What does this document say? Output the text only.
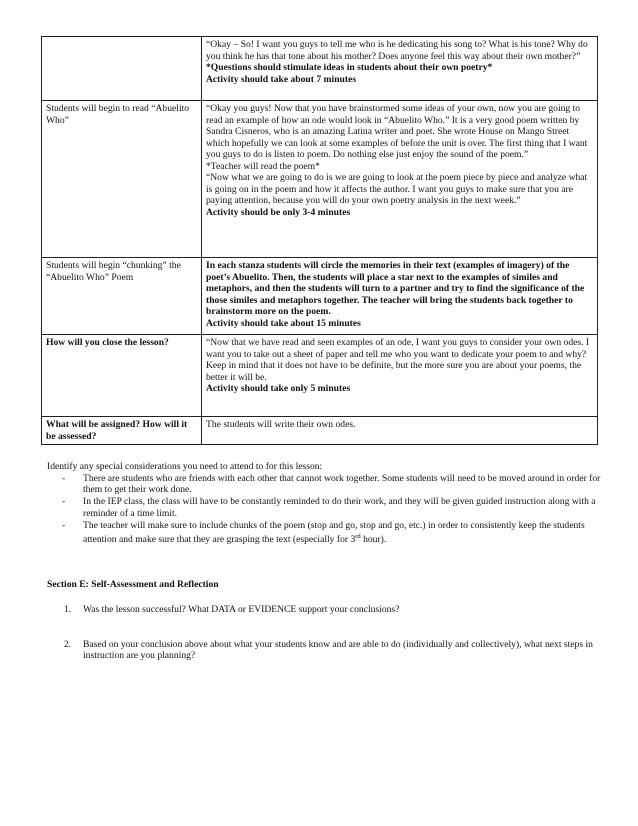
	“Okay – So! I want you guys to tell me who is he dedicating his song to? What is his tone? Why do you think he has that tone about his mother? Does anyone feel this way about their own mother?” *Questions should stimulate ideas in students about their own poetry*
Activity should take about 7 minutes
Students will begin to read “Abuelito Who”	“Okay you guys! Now that you have brainstormed some ideas of your own, now you are going to read an example of how an ode would look in “Abuelito Who.” It is a very good poem written by Sandra Cisneros, who is an amazing Latina writer and poet. She wrote House on Mango Street which hopefully we can look at some examples of before the unit is over. The first thing that I want you guys to do is listen to poem. Do nothing else just enjoy the sound of the poem.”
*Teacher will read the poem*
“Now what we are going to do is we are going to look at the poem piece by piece and analyze what is going on in the poem and how it affects the author. I want you guys to make sure that you are paying attention, because you will do your own poetry analysis in the next week.”
Activity should be only 3-4 minutes
Students will begin “chunking” the “Abuelito Who” Poem	In each stanza students will circle the memories in their text (examples of imagery) of the poet’s Abuelito. Then, the students will place a star next to the examples of similes and metaphors, and then the students will turn to a partner and try to find the significance of the those similes and metaphors together. The teacher will bring the students back together to brainstorm more on the poem.
Activity should take about 15 minutes
How will you close the lesson?	“Now that we have read and seen examples of an ode, I want you guys to consider your own odes. I want you to take out a sheet of paper and tell me who you want to dedicate your poem to and why? Keep in mind that it does not have to be definite, but the more sure you are about your poems, the better it will be.
Activity should take only 5 minutes
What will be assigned? How will it be assessed?	The students will write their own odes.

Identify any special considerations you need to attend to for this lesson:

- There are students who are friends with each other that cannot work together. Some students will need to be moved around in order for them to get their work done.
- In the IEP class, the class will have to be constantly reminded to do their work, and they will be given guided instruction along with a reminder of a time limit.
- The teacher will make sure to include chunks of the poem (stop and go, stop and go, etc.) in order to consistently keep the students attention and make sure that they are grasping the text (especially for 3rd hour).
Section E: Self-Assessment and Reflection
1. Was the lesson successful? What DATA or EVIDENCE support your conclusions?
2. Based on your conclusion above about what your students know and are able to do (individually and collectively), what next steps in instruction are you planning?
